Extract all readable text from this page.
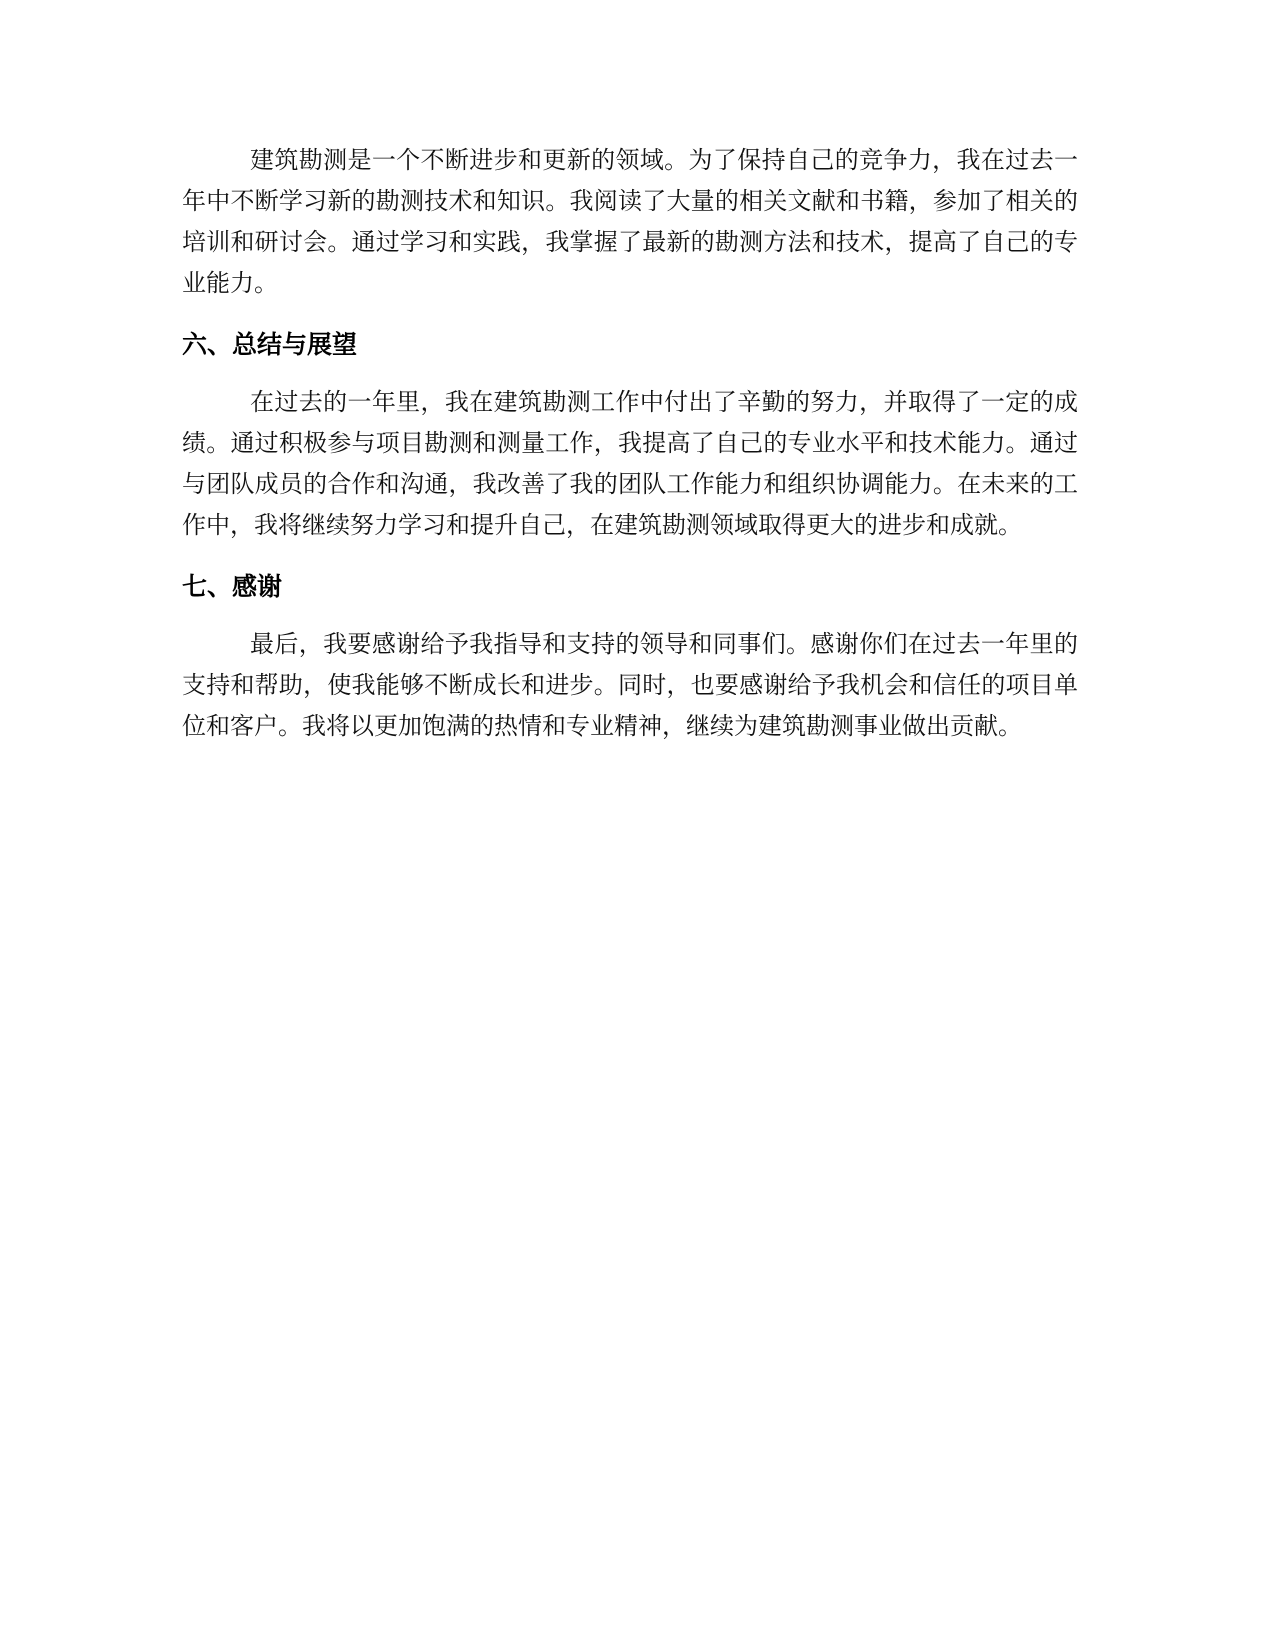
建筑勘测是一个不断进步和更新的领域。为了保持自己的竞争力，我在过去一年中不断学习新的勘测技术和知识。我阅读了大量的相关文献和书籍，参加了相关的培训和研讨会。通过学习和实践，我掌握了最新的勘测方法和技术，提高了自己的专业能力。

六、总结与展望

在过去的一年里，我在建筑勘测工作中付出了辛勤的努力，并取得了一定的成绩。通过积极参与项目勘测和测量工作，我提高了自己的专业水平和技术能力。通过与团队成员的合作和沟通，我改善了我的团队工作能力和组织协调能力。在未来的工作中，我将继续努力学习和提升自己，在建筑勘测领域取得更大的进步和成就。

七、感谢

最后，我要感谢给予我指导和支持的领导和同事们。感谢你们在过去一年里的支持和帮助，使我能够不断成长和进步。同时，也要感谢给予我机会和信任的项目单位和客户。我将以更加饱满的热情和专业精神，继续为建筑勘测事业做出贡献。
